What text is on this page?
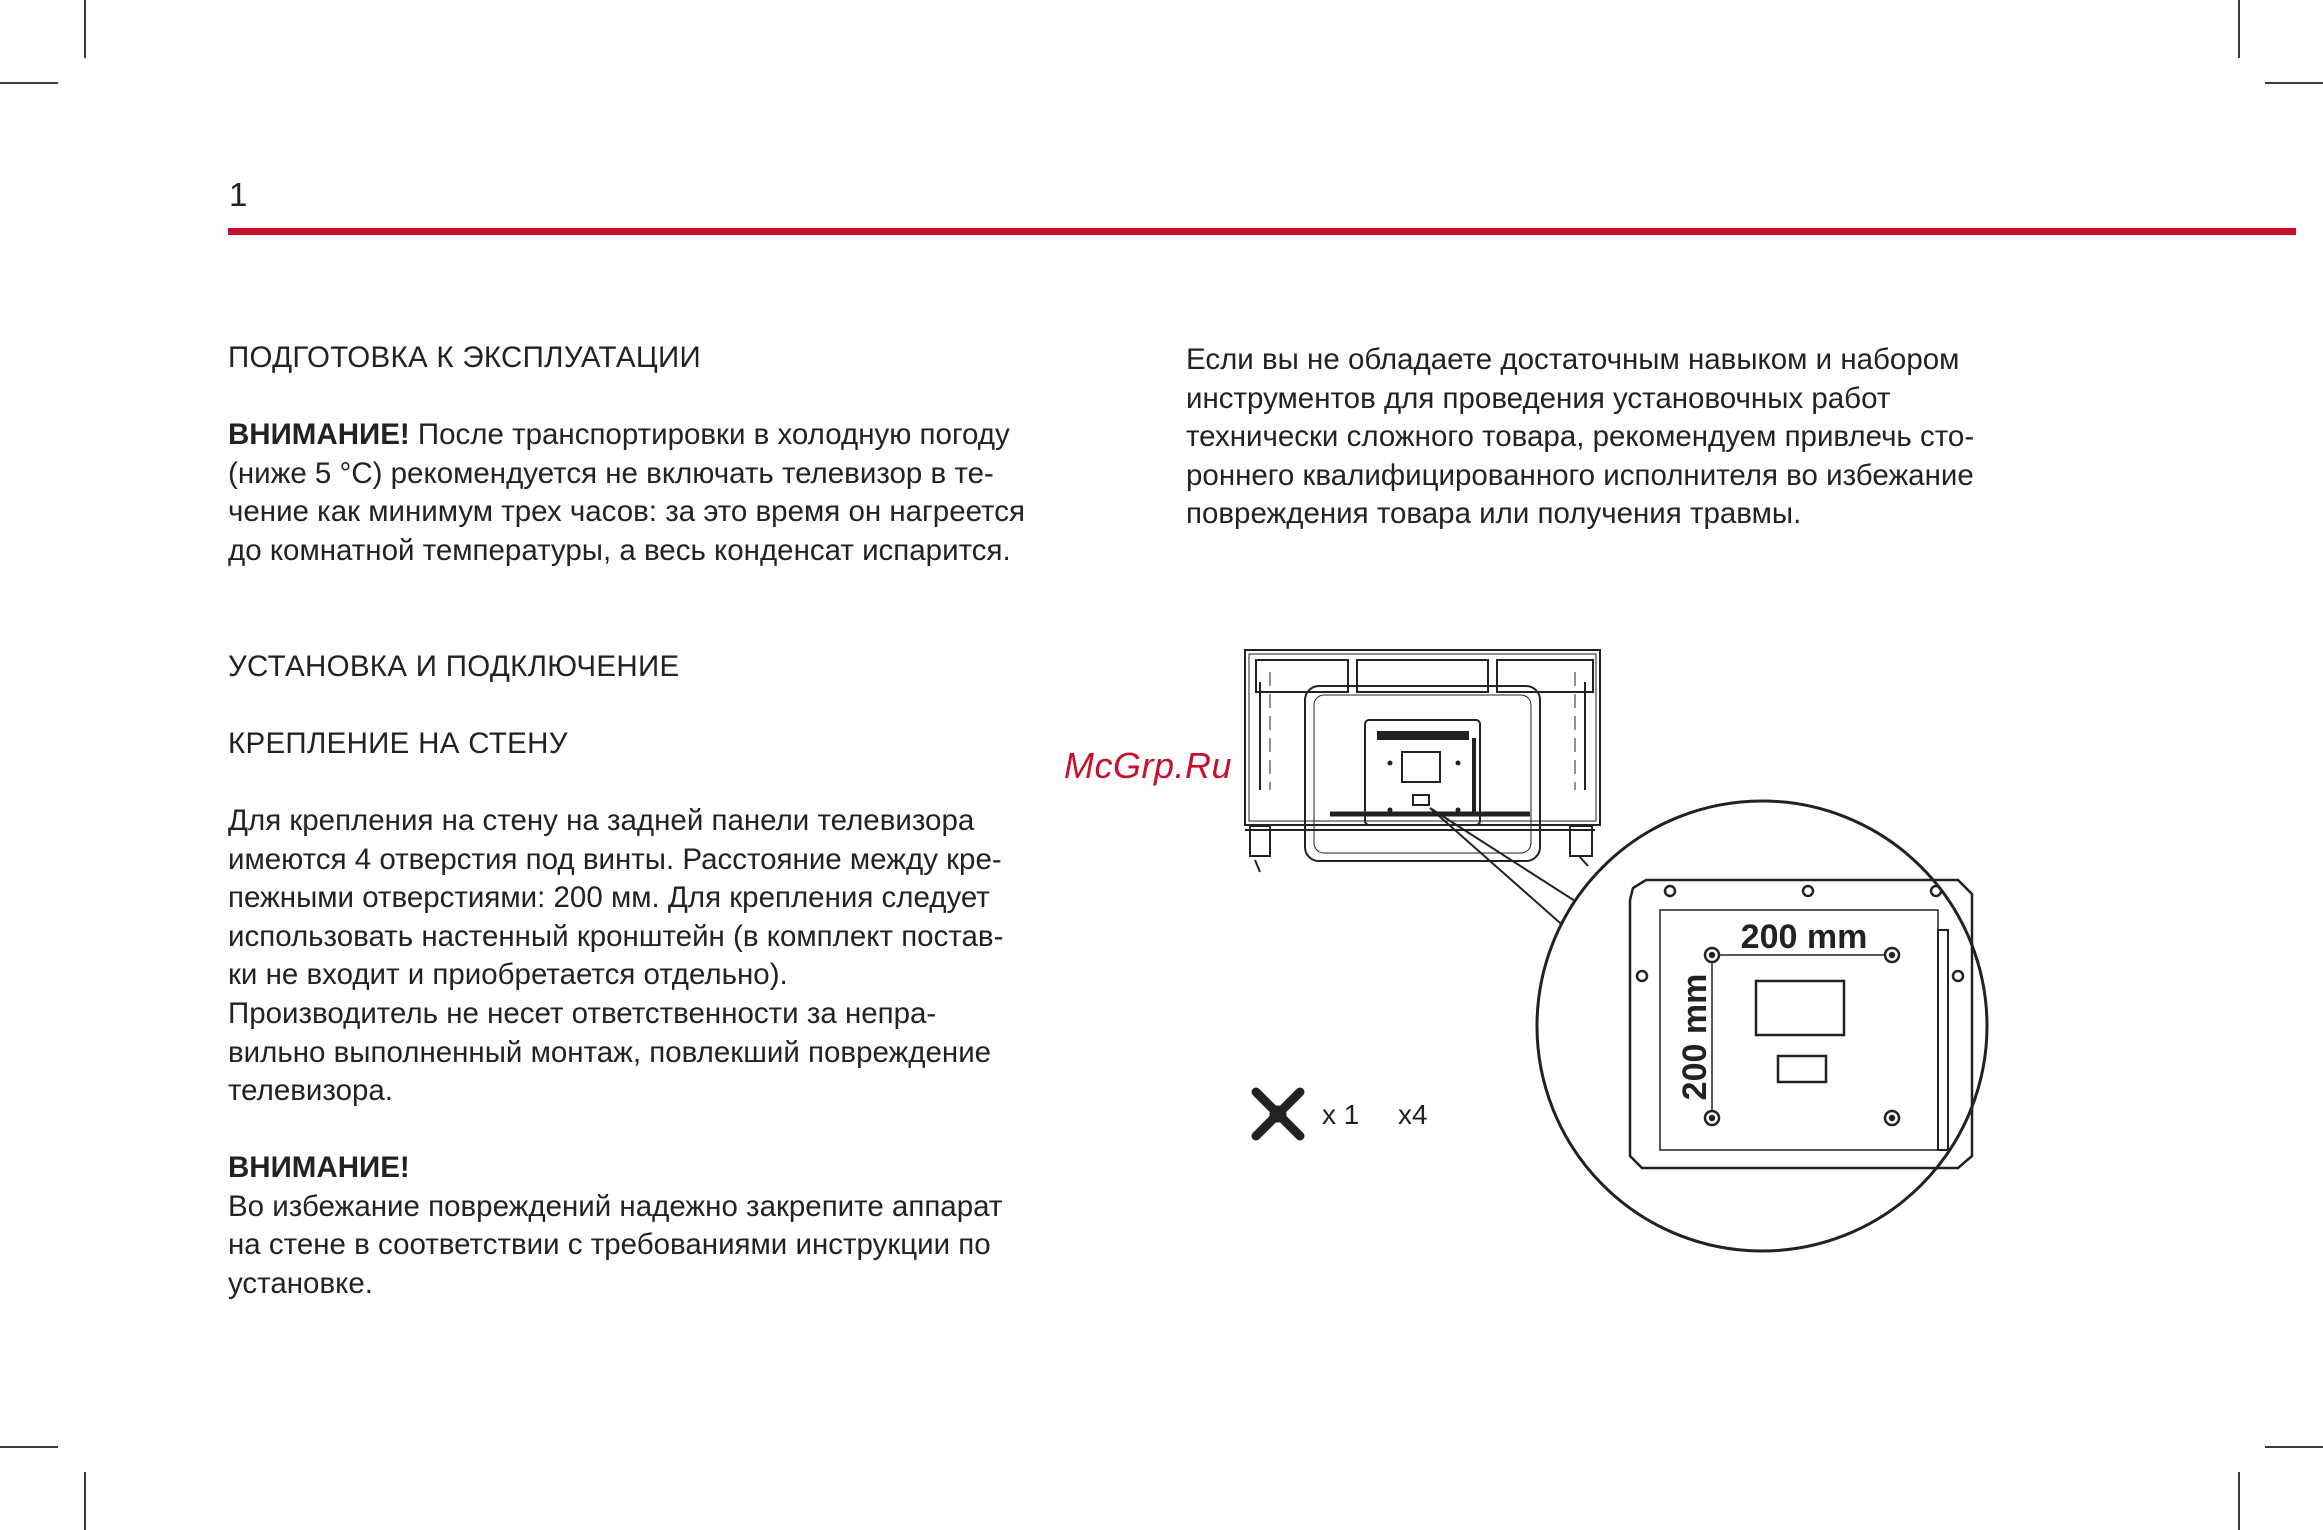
1

ПОДГОТОВКА К ЭКСПЛУАТАЦИИ

ВНИМАНИЕ! После транспортировки в холодную погоду
(ниже 5 °С) рекомендуется не включать телевизор в те-
чение как минимум трех часов: за это время он нагреется
до комнатной температуры, а весь конденсат испарится.

УСТАНОВКА И ПОДКЛЮЧЕНИЕ

КРЕПЛЕНИЕ НА СТЕНУ

Для крепления на стену на задней панели телевизора
имеются 4 отверстия под винты. Расстояние между кре-
пежными отверстиями: 200 мм. Для крепления следует
использовать настенный кронштейн (в комплект постав-
ки не входит и приобретается отдельно).
Производитель не несет ответственности за непра-
вильно выполненный монтаж, повлекший повреждение
телевизора.

ВНИМАНИЕ!

Во избежание повреждений надежно закрепите аппарат
на стене в соответствии с требованиями инструкции по
установке.

Если вы не обладаете достаточным навыком и набором
инструментов для проведения установочных работ
технически сложного товара, рекомендуем привлечь сто-
роннего квалифицированного исполнителя во избежание
повреждения товара или получения травмы.

McGrp.Ru
200 mm
200 mm
x 1 x4
